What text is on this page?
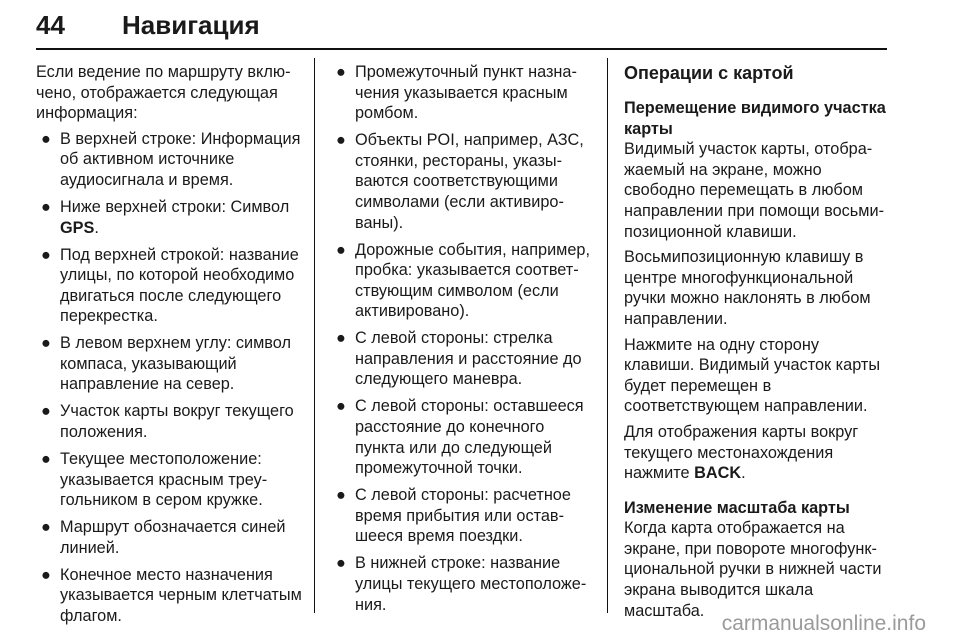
44 Навигация

Если ведение по маршруту включено, отображается следующая информация:

● В верхней строке: Информация об активном источнике аудиосигнала и время.
● Ниже верхней строки: Символ GPS.
● Под верхней строкой: название улицы, по которой необходимо двигаться после следующего перекрестка.
● В левом верхнем углу: символ компаса, указывающий направление на север.
● Участок карты вокруг текущего положения.
● Текущее местоположение: указывается красным треугольником в сером кружке.
● Маршрут обозначается синей линией.
● Конечное место назначения указывается черным клетчатым флагом.
● Промежуточный пункт назначения указывается красным ромбом.
● Объекты POI, например, АЗС, стоянки, рестораны, указываются соответствующими символами (если активированы).
● Дорожные события, например, пробка: указывается соответствующим символом (если активировано).
● С левой стороны: стрелка направления и расстояние до следующего маневра.
● С левой стороны: оставшееся расстояние до конечного пункта или до следующей промежуточной точки.
● С левой стороны: расчетное время прибытия или оставшееся время поездки.
● В нижней строке: название улицы текущего местоположения.
Операции с картой

Перемещение видимого участка карты

Видимый участок карты, отображаемый на экране, можно свободно перемещать в любом направлении при помощи восьмипозиционной клавиши.

Восьмипозиционную клавишу в центре многофункциональной ручки можно наклонять в любом направлении.

Нажмите на одну сторону клавиши. Видимый участок карты будет перемещен в соответствующем направлении.

Для отображения карты вокруг текущего местонахождения нажмите BACK.

Изменение масштаба карты

Когда карта отображается на экране, при повороте многофункциональной ручки в нижней части экрана выводится шкала масштаба.

carmanualsonline.info
